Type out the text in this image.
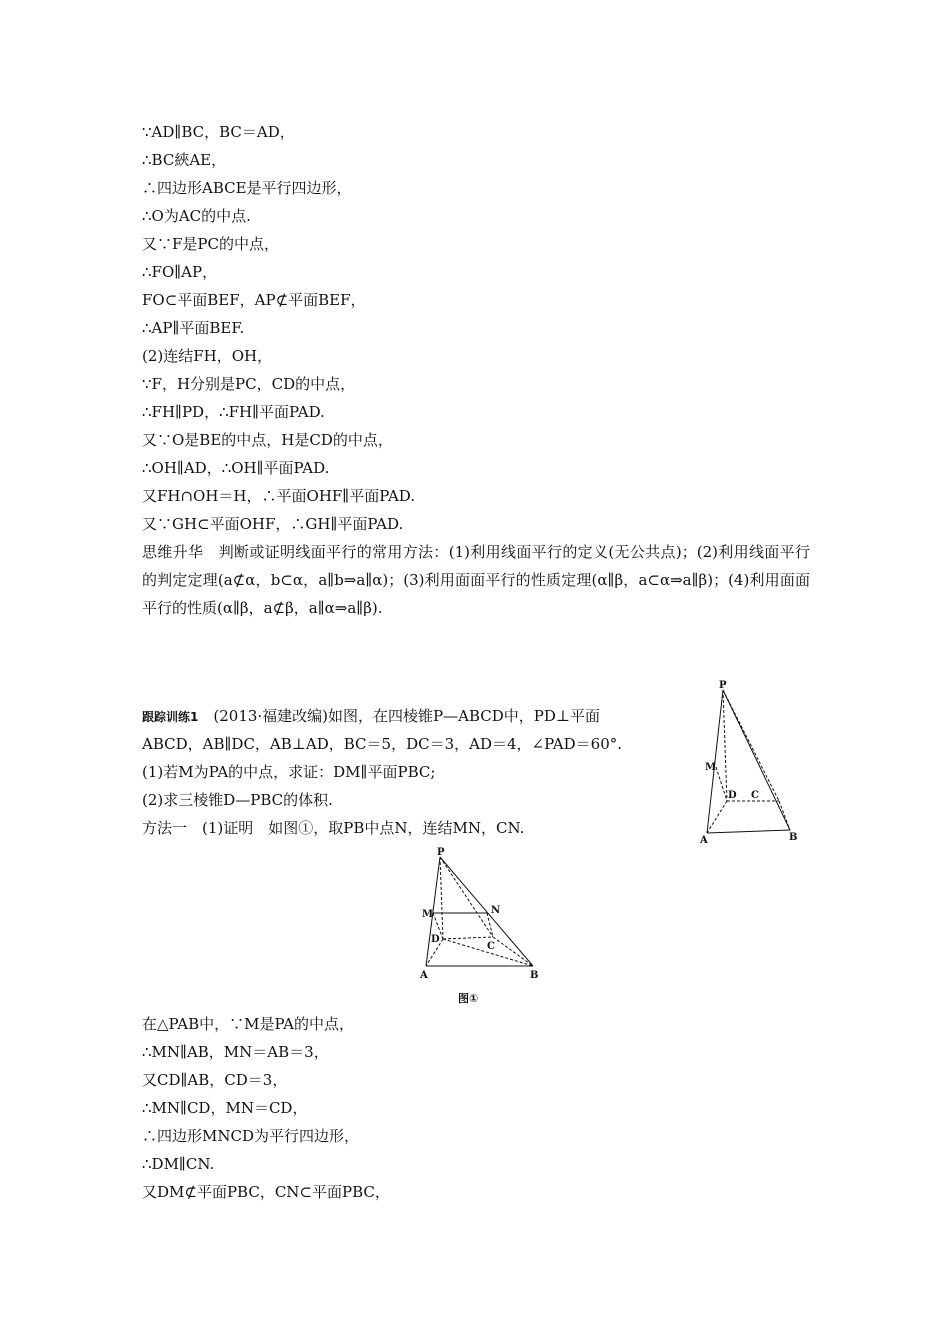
∵AD∥BC，BC＝AD，
∴BC綊AE，
∴四边形ABCE是平行四边形，
∴O为AC的中点.
又∵F是PC的中点，
∴FO∥AP，
FO⊂平面BEF，AP⊄平面BEF，
∴AP∥平面BEF.
(2)连结FH，OH，
∵F，H分别是PC，CD的中点，
∴FH∥PD，∴FH∥平面PAD.
又∵O是BE的中点，H是CD的中点，
∴OH∥AD，∴OH∥平面PAD.
又FH∩OH＝H，∴平面OHF∥平面PAD.
又∵GH⊂平面OHF，∴GH∥平面PAD.
思维升华　 判断或证明线面平行的常用方法：(1)利用线面平行的定义(无公共点)；(2)利用线面平行的判定定理(a⊄α，b⊂α，a∥b⇒a∥α)；(3)利用面面平行的性质定理(α∥β，a⊂α⇒a∥β)；(4)利用面面平行的性质(α∥β，a⊄β，a∥α⇒a∥β).
跟踪训练1　 (2013·福建改编)如图，在四棱锥P—ABCD中，PD⊥平面
ABCD，AB∥DC，AB⊥AD，BC＝5，DC＝3，AD＝4，∠PAD＝60°.
(1)若M为PA的中点，求证：DM∥平面PBC;
(2)求三棱锥D—PBC的体积.
方法一　(1)证明　如图①，取PB中点N，连结MN，CN.
P
M
D C
A	B
P
M	N
D
C
A	B
图①
在△PAB中，∵M是PA的中点，
∴MN∥AB，MN＝AB＝3，
又CD∥AB，CD＝3，
∴MN∥CD，MN＝CD，
∴四边形MNCD为平行四边形，
∴DM∥CN.
又DM⊄平面PBC，CN⊂平面PBC，
